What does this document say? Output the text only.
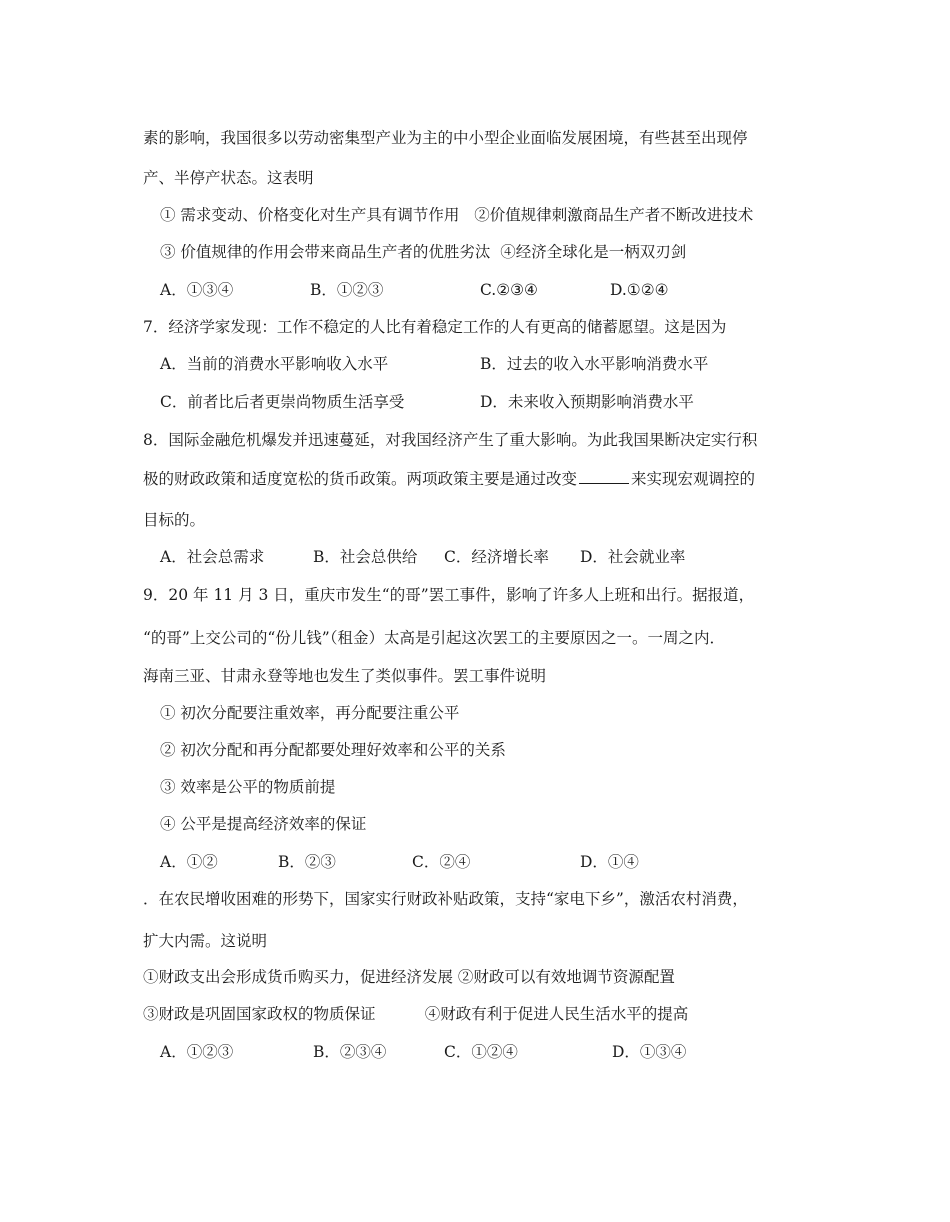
素的影响，我国很多以劳动密集型产业为主的中小型企业面临发展困境，有些甚至出现停
产、半停产状态。这表明
① 需求变动、价格变化对生产具有调节作用   ②价值规律刺激商品生产者不断改进技术
③ 价值规律的作用会带来商品生产者的优胜劣汰  ④经济全球化是一柄双刃剑
A．①③④	B．①②③	C.②③④	D.①②④
7．经济学家发现：工作不稳定的人比有着稳定工作的人有更高的储蓄愿望。这是因为
A．当前的消费水平影响收入水平	B．过去的收入水平影响消费水平
C．前者比后者更崇尚物质生活享受	D．未来收入预期影响消费水平
8．国际金融危机爆发并迅速蔓延，对我国经济产生了重大影响。为此我国果断决定实行积
极的财政政策和适度宽松的货币政策。两项政策主要是通过改变	来实现宏观调控的
目标的。
A．社会总需求	B．社会总供给 C．经济增长率 D．社会就业率
9．20 年 11 月 3 日，重庆市发生“的哥”罢工事件，影响了许多人上班和出行。据报道，
“的哥”上交公司的“份儿钱”（租金）太高是引起这次罢工的主要原因之一。一周之内．
海南三亚、甘肃永登等地也发生了类似事件。罢工事件说明
① 初次分配要注重效率，再分配要注重公平
② 初次分配和再分配都要处理好效率和公平的关系
③ 效率是公平的物质前提
④ 公平是提高经济效率的保证
A．①②	B．②③	C．②④	D．①④
．在农民增收困难的形势下，国家实行财政补贴政策，支持“家电下乡”，激活农村消费，
扩大内需。这说明
①财政支出会形成货币购买力，促进经济发展 ②财政可以有效地调节资源配置
③财政是巩固国家政权的物质保证          ④财政有利于促进人民生活水平的提高
A．①②③	B．②③④	C．①②④	D．①③④
